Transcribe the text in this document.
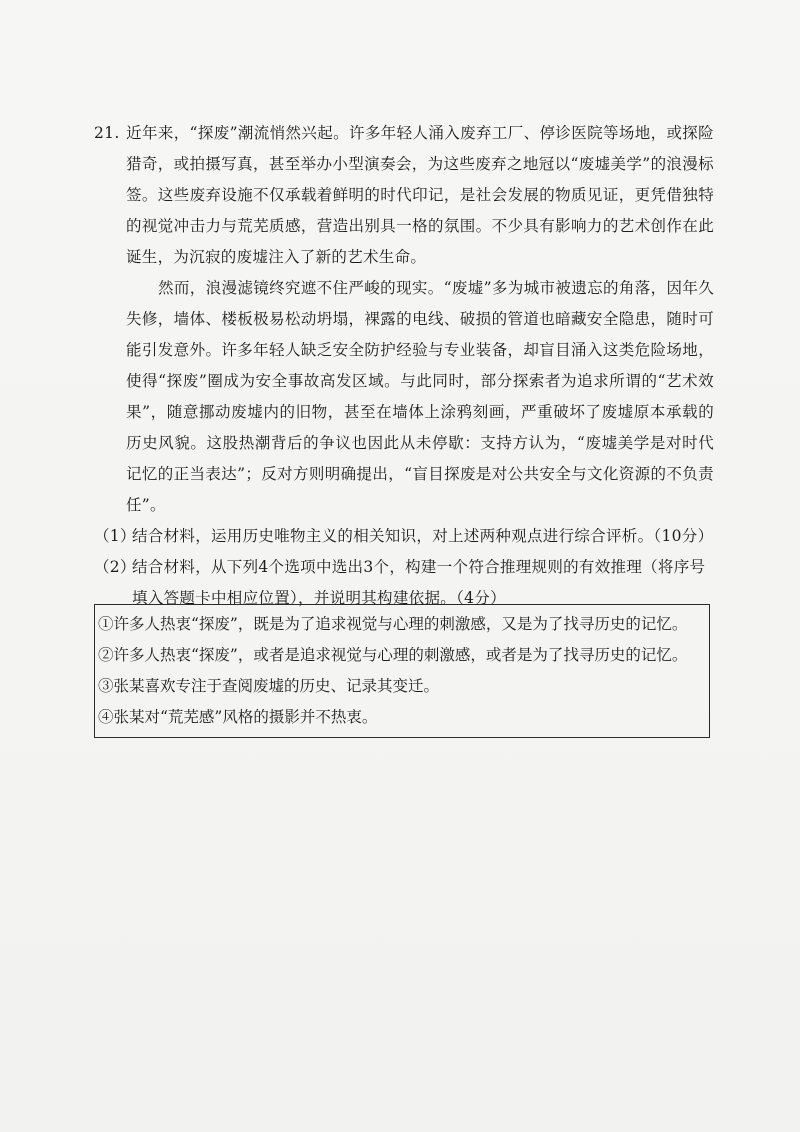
21. 近年来，“探废”潮流悄然兴起。许多年轻人涌入废弃工厂、停诊医院等场地，或探险猎奇，或拍摄写真，甚至举办小型演奏会，为这些废弃之地冠以“废墟美学”的浪漫标签。这些废弃设施不仅承载着鲜明的时代印记，是社会发展的物质见证，更凭借独特的视觉冲击力与荒芜质感，营造出别具一格的氛围。不少具有影响力的艺术创作在此诞生，为沉寂的废墟注入了新的艺术生命。

然而，浪漫滤镜终究遮不住严峻的现实。“废墟”多为城市被遗忘的角落，因年久失修，墙体、楼板极易松动坍塌，裸露的电线、破损的管道也暗藏安全隐患，随时可能引发意外。许多年轻人缺乏安全防护经验与专业装备，却盲目涌入这类危险场地，使得“探废”圈成为安全事故高发区域。与此同时，部分探索者为追求所谓的“艺术效果”，随意挪动废墟内的旧物，甚至在墙体上涂鸦刻画，严重破坏了废墟原本承载的历史风貌。这股热潮背后的争议也因此从未停歇：支持方认为，“废墟美学是对时代记忆的正当表达”；反对方则明确提出，“盲目探废是对公共安全与文化资源的不负责任”。

（1）结合材料，运用历史唯物主义的相关知识，对上述两种观点进行综合评析。（10分）

（2）结合材料，从下列4个选项中选出3个，构建一个符合推理规则的有效推理（将序号填入答题卡中相应位置），并说明其构建依据。（4分）

①许多人热衷“探废”，既是为了追求视觉与心理的刺激感，又是为了找寻历史的记忆。

②许多人热衷“探废”，或者是追求视觉与心理的刺激感，或者是为了找寻历史的记忆。

③张某喜欢专注于查阅废墟的历史、记录其变迁。

④张某对“荒芜感”风格的摄影并不热衷。
